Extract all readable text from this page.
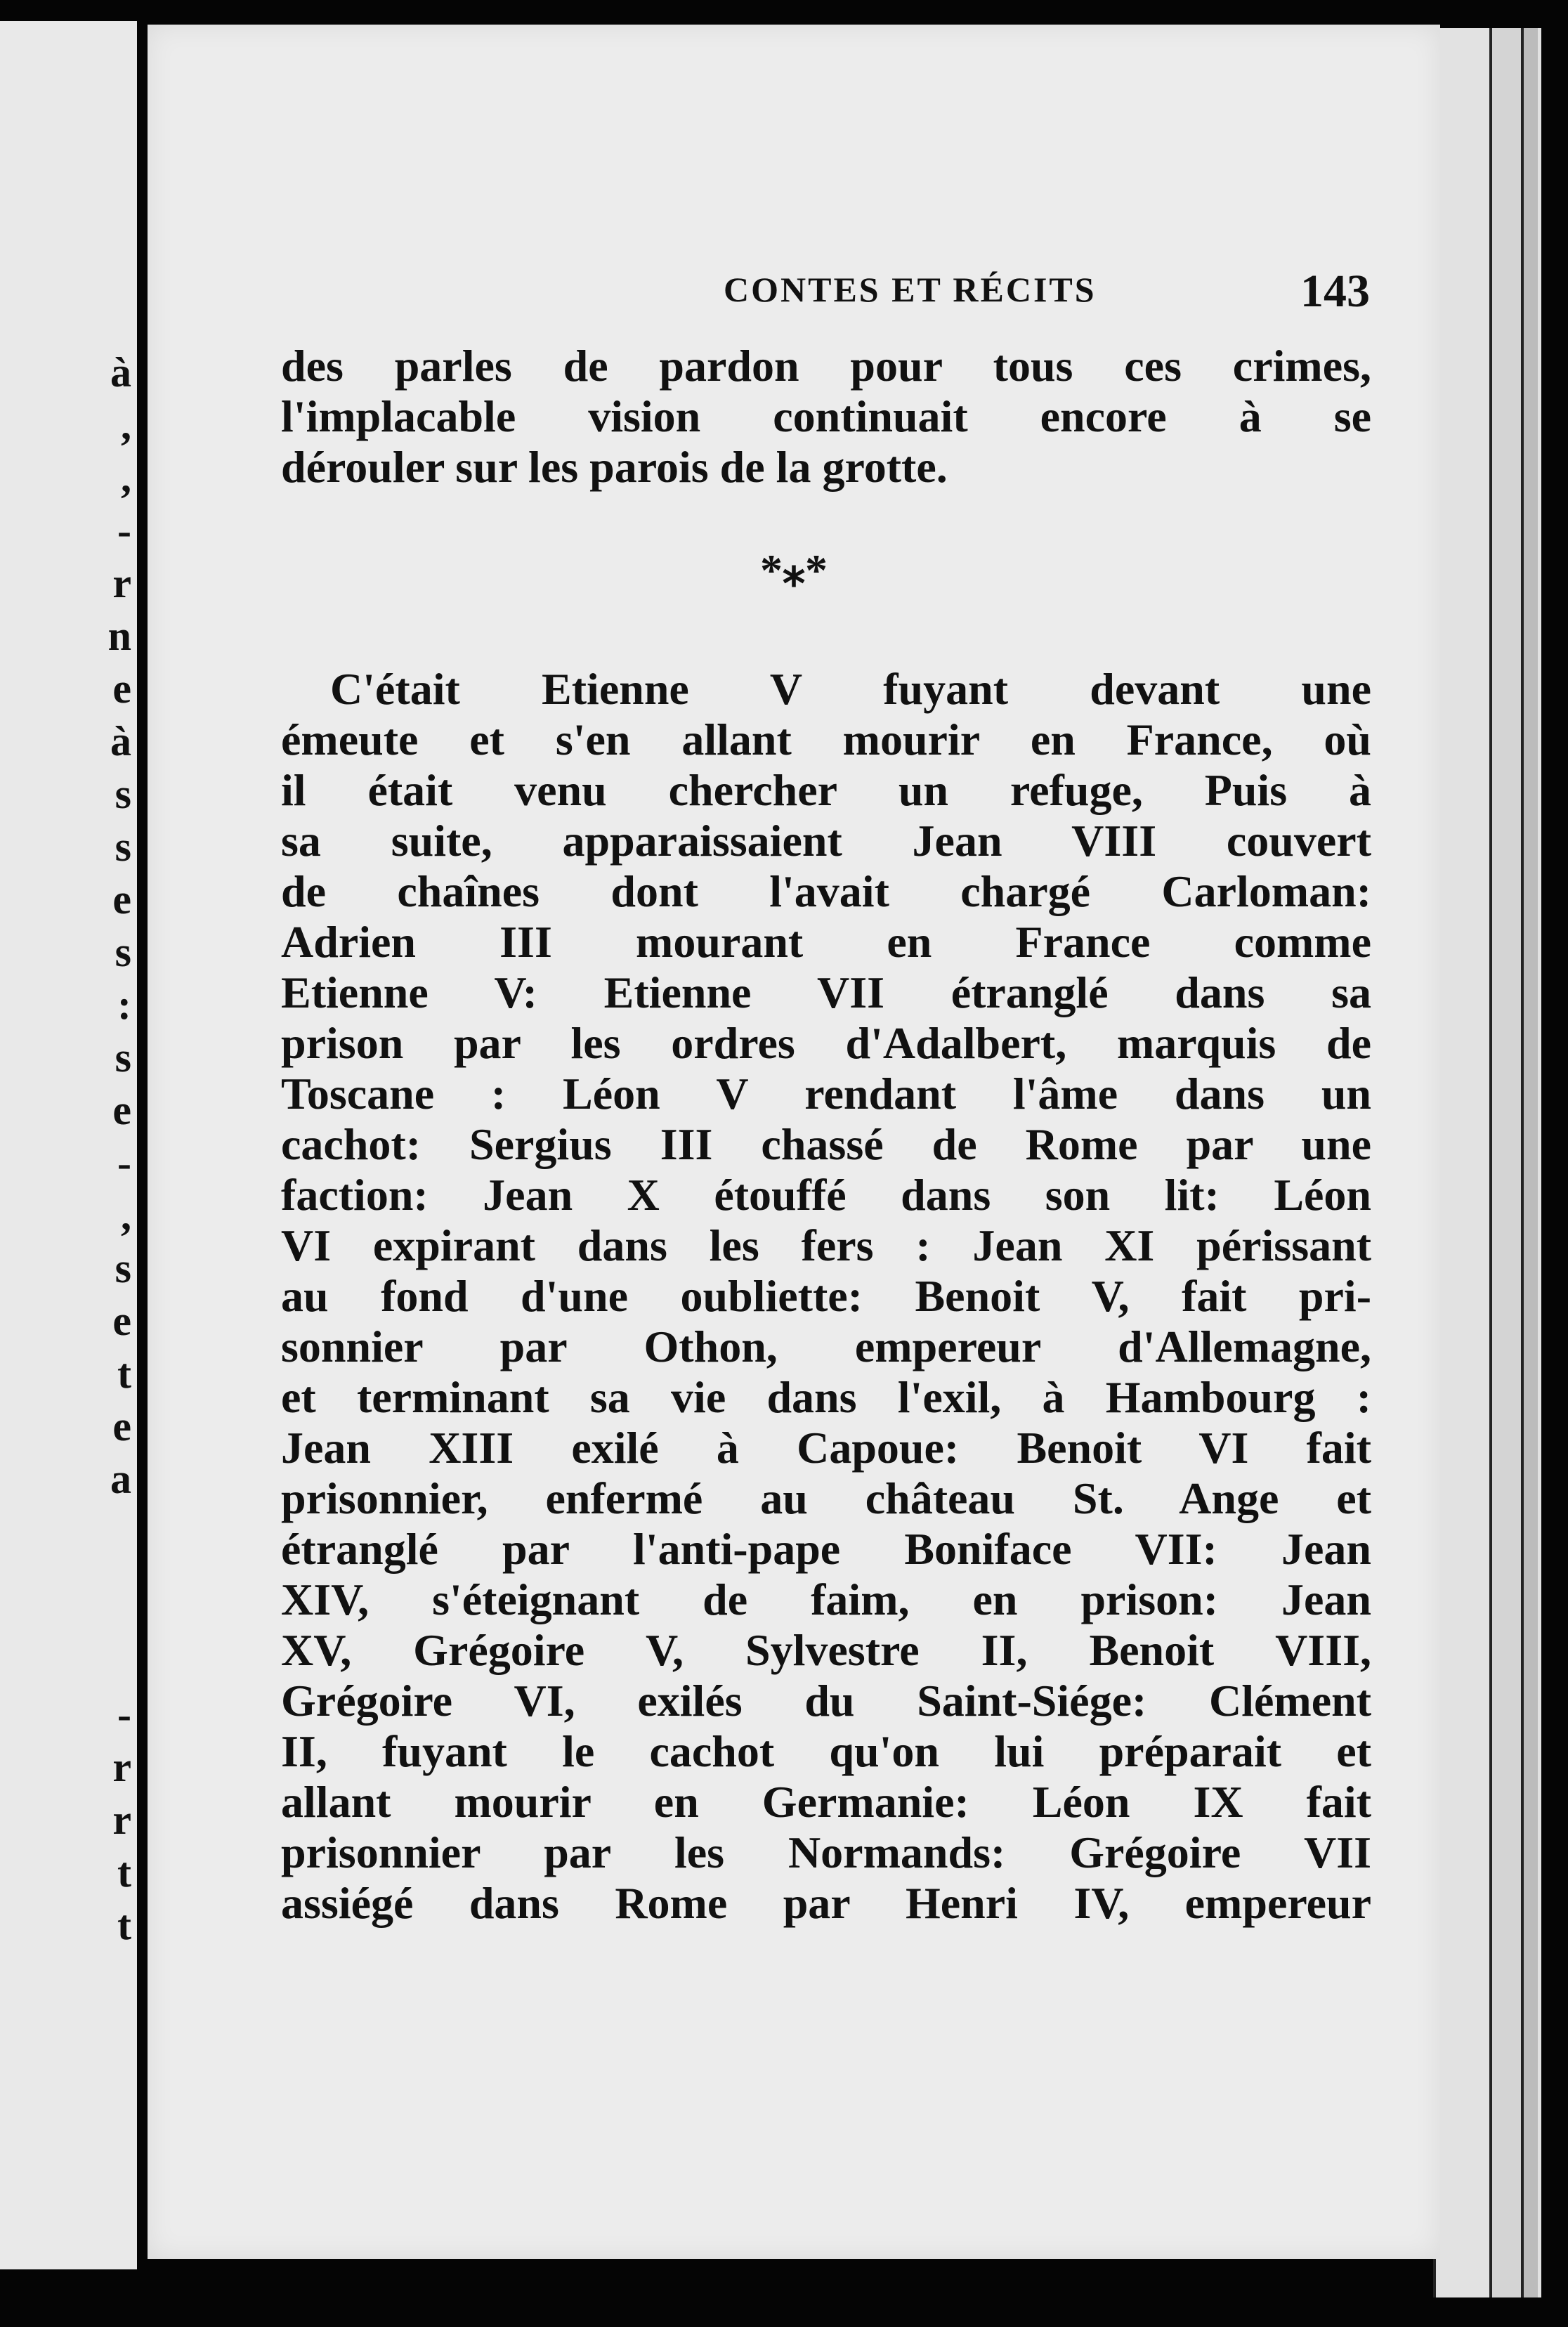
à
,
,
-
r
n
e
à
s
s
e
s
:
s
e
-
,
s
e
t
e
a
-
r
r
t
t
CONTES ET RÉCITS	143
des par​les de pardon pour tous ces crimes,
l'implacable vision continuait encore à se
dérouler sur les parois de la grotte.
*⁎*
C'était Etienne V fuyant devant une
émeute et s'en allant mourir en France, où
il était venu chercher un refuge, Puis à
sa suite, apparaissaient Jean VIII couvert
de chaînes dont l'avait chargé Carloman:
Adrien III mourant en France comme
Etienne V: Etienne VII étranglé dans sa
prison par les ordres d'Adalbert, marquis de
Toscane : Léon V rendant l'âme dans un
cachot: Sergius III chassé de Rome par une
faction: Jean X étouffé dans son lit: Léon
VI expirant dans les fers : Jean XI périssant
au fond d'une oubliette: Benoit V, fait pri-
sonnier par Othon, empereur d'Allemagne,
et terminant sa vie dans l'exil, à Hambourg :
Jean XIII exilé à Capoue: Benoit VI fait
prisonnier, enfermé au château St. Ange et
étranglé par l'anti-pape Boniface VII: Jean
XIV, s'éteignant de faim, en prison: Jean
XV, Grégoire V, Sylvestre II, Benoit VIII,
Grégoire VI, exilés du Saint-Siége: Clément
II, fuyant le cachot qu'on lui préparait et
allant mourir en Germanie: Léon IX fait
prisonnier par les Normands: Grégoire VII
assiégé dans Rome par Henri IV, empereur
